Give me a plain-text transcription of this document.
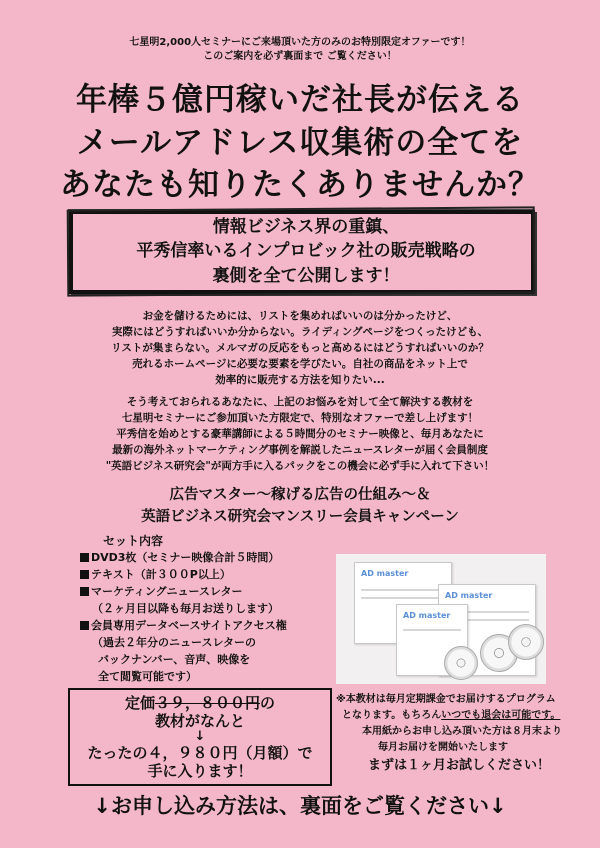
七星明2,000人セミナーにご来場頂いた方のみのお特別限定オファーです！
このご案内を必ず裏面まで ご覧ください！
年棒５億円稼いだ社長が伝える
メールアドレス収集術の全てを
あなたも知りたくありませんか？
情報ビジネス界の重鎮、
平秀信率いるインプロビック社の販売戦略の
裏側を全て公開します！
お金を儲けるためには、リストを集めればいいのは分かったけど、
実際にはどうすればいいか分からない。ライディングページをつくったけども、
リストが集まらない。メルマガの反応をもっと高めるにはどうすればいいのか？
売れるホームページに必要な要素を学びたい。自社の商品をネット上で
効率的に販売する方法を知りたい...
そう考えておられるあなたに、上記のお悩みを対して全て解決する教材を
七星明セミナーにご参加頂いた方限定で、特別なオファーで差し上げます！
平秀信を始めとする豪華講師による５時間分のセミナー映像と、毎月あなたに
最新の海外ネットマーケティング事例を解説したニュースレターが届く会員制度
"英語ビジネス研究会"が両方手に入るパックをこの機会に必ず手に入れて下さい！
広告マスター～稼げる広告の仕組み～＆
英語ビジネス研究会マンスリー会員キャンペーン
セット内容
DVD3枚（セミナー映像合計５時間）
テキスト（計３００P以上）
マーケティングニュースレター
（２ヶ月目以降も毎月お送りします）
会員専用データベースサイトアクセス権
（過去２年分のニュースレターの
バックナンバー、音声、映像を
全て閲覧可能です）
AD master
AD master
AD master
定価３９，８００円の
教材がなんと
↓
たったの４，９８０円（月額）で
手に入ります！
※本教材は毎月定期課金でお届けするプログラム
となります。もちろんいつでも退会は可能です。
本用紙からお申し込み頂いた方は８月末より
毎月お届けを開始いたします
まずは１ヶ月お試しください！
↓お申し込み方法は、裏面をご覧ください↓
